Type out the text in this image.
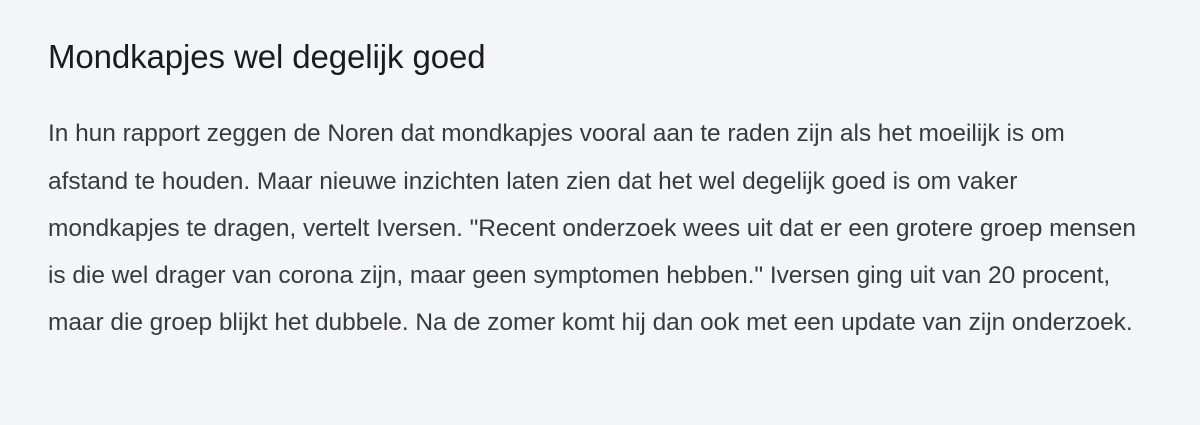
Mondkapjes wel degelijk goed

In hun rapport zeggen de Noren dat mondkapjes vooral aan te raden zijn als het moeilijk is om afstand te houden. Maar nieuwe inzichten laten zien dat het wel degelijk goed is om vaker mondkapjes te dragen, vertelt Iversen. "Recent onderzoek wees uit dat er een grotere groep mensen is die wel drager van corona zijn, maar geen symptomen hebben." Iversen ging uit van 20 procent, maar die groep blijkt het dubbele. Na de zomer komt hij dan ook met een update van zijn onderzoek.
